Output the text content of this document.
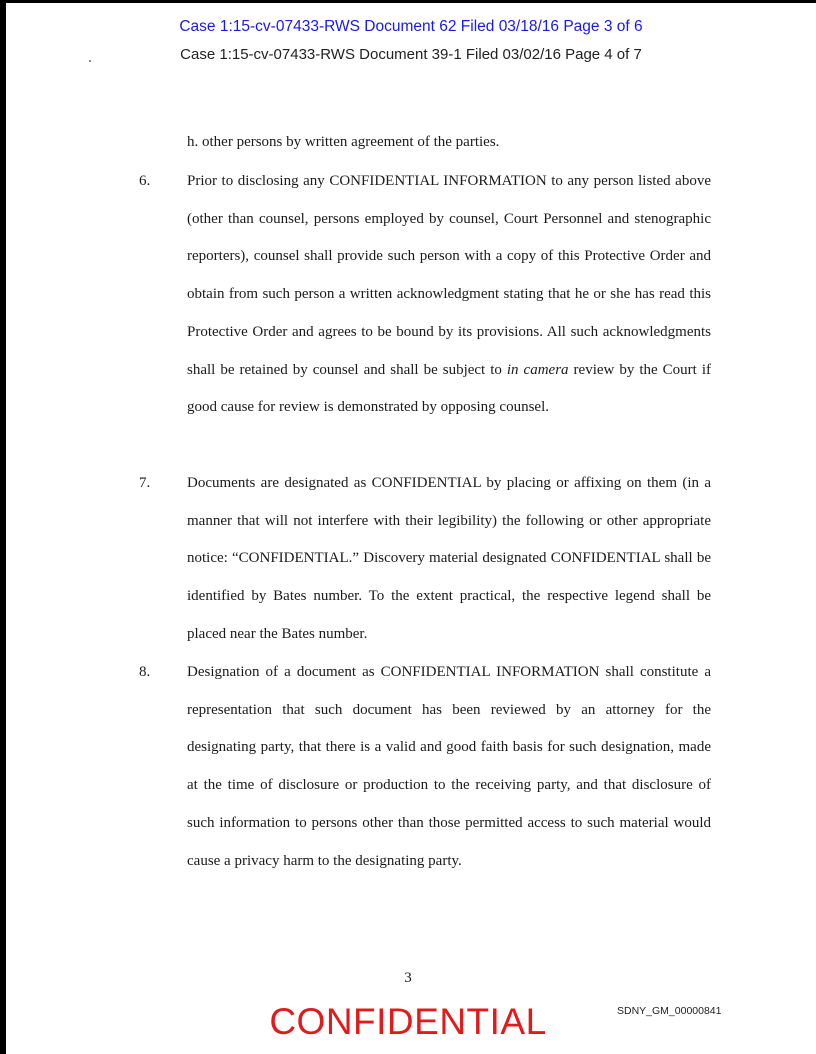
Case 1:15-cv-07433-RWS Document 62 Filed 03/18/16 Page 3 of 6
Case 1:15-cv-07433-RWS Document 39-1 Filed 03/02/16 Page 4 of 7
h. other persons by written agreement of the parties.
6. Prior to disclosing any CONFIDENTIAL INFORMATION to any person listed above (other than counsel, persons employed by counsel, Court Personnel and stenographic reporters), counsel shall provide such person with a copy of this Protective Order and obtain from such person a written acknowledgment stating that he or she has read this Protective Order and agrees to be bound by its provisions. All such acknowledgments shall be retained by counsel and shall be subject to in camera review by the Court if good cause for review is demonstrated by opposing counsel.

7. Documents are designated as CONFIDENTIAL by placing or affixing on them (in a manner that will not interfere with their legibility) the following or other appropriate notice: “CONFIDENTIAL.” Discovery material designated CONFIDENTIAL shall be identified by Bates number. To the extent practical, the respective legend shall be placed near the Bates number.

8. Designation of a document as CONFIDENTIAL INFORMATION shall constitute a representation that such document has been reviewed by an attorney for the designating party, that there is a valid and good faith basis for such designation, made at the time of disclosure or production to the receiving party, and that disclosure of such information to persons other than those permitted access to such material would cause a privacy harm to the designating party.

3
SDNY_GM_00000841
CONFIDENTIAL
